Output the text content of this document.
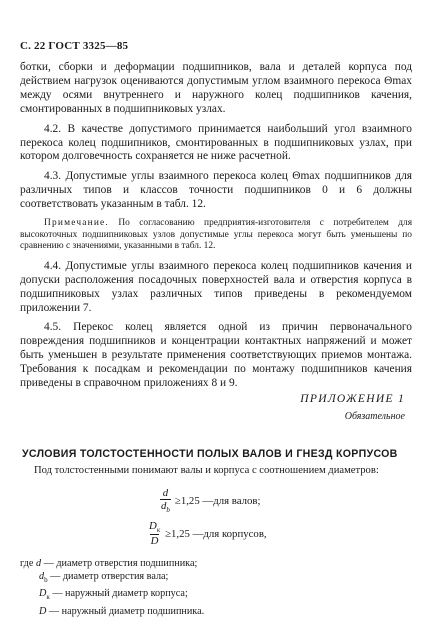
С. 22 ГОСТ 3325—85

ботки, сборки и деформации подшипников, вала и деталей корпуса под действием нагрузок оцениваются допустимым углом взаимного перекоса Θmax между осями внутреннего и наружного колец подшипников качения, смонтированных в подшипниковых узлах.

4.2. В качестве допустимого принимается наибольший угол взаимного перекоса колец подшипников, смонтированных в подшипниковых узлах, при котором долговечность сохраняется не ниже расчетной.

4.3. Допустимые углы взаимного перекоса колец Θmax подшипников для различных типов и классов точности подшипников 0 и 6 должны соответствовать указанным в табл. 12.

Примечание. По согласованию предприятия-изготовителя с потребителем для высокоточных подшипниковых узлов допустимые углы перекоса могут быть уменьшены по сравнению с значениями, указанными в табл. 12.

4.4. Допустимые углы взаимного перекоса колец подшипников качения и допуски расположения посадочных поверхностей вала и отверстия корпуса в подшипниковых узлах различных типов приведены в рекомендуемом приложении 7.

4.5. Перекос колец является одной из причин первоначального повреждения подшипников и концентрации контактных напряжений и может быть уменьшен в результате применения соответствующих приемов монтажа. Требования к посадкам и рекомендации по монтажу подшипников качения приведены в справочном приложениях 8 и 9.

ПРИЛОЖЕНИЕ 1
Обязательное
УСЛОВИЯ ТОЛСТОСТЕННОСТИ ПОЛЫХ ВАЛОВ И ГНЕЗД КОРПУСОВ
Под толстостенными понимают валы и корпуса с соотношением диаметров:
$\frac{d}{d_b} \ge 1,25$ —для валов;
$\frac{D_к}{D} \ge 1,25$ —для корпусов,
где d — диаметр отверстия подшипника;
$d_b$ — диаметр отверстия вала;
$D_к$ — наружный диаметр корпуса;
D — наружный диаметр подшипника.
